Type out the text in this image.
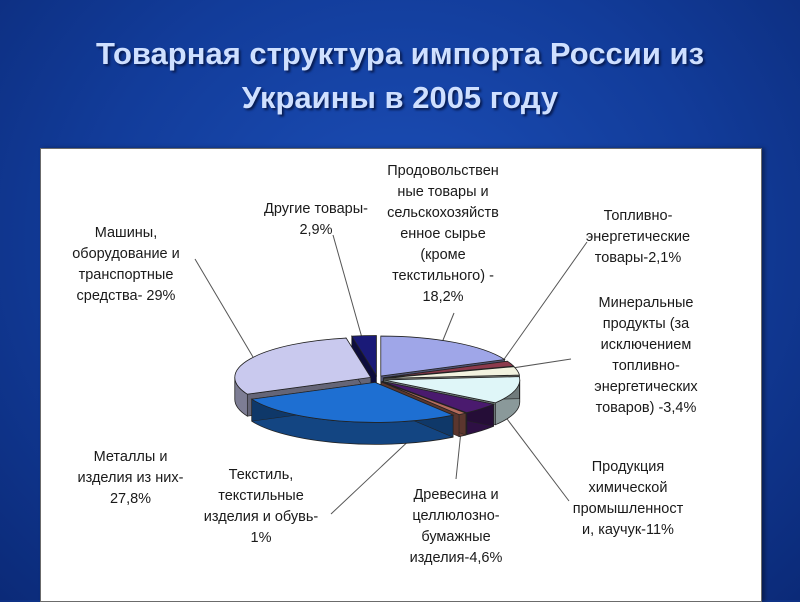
Товарная структура импорта России из
Украины в 2005 году
Продовольствен
ные товары и
сельскохозяйств
енное сырье
(кроме
текстильного) -
18,2%
Топливно-
энергетические
товары-2,1%
Минеральные
продукты (за
исключением
топливно-
энергетических
товаров) -3,4%
Продукция
химической
промышленност
и, каучук-11%
Древесина и
целлюлозно-
бумажные
изделия-4,6%
Текстиль,
текстильные
изделия и обувь-
1%
Металлы и
изделия из них-
27,8%
Машины,
оборудование и
транспортные
средства- 29%
Другие товары-
2,9%
